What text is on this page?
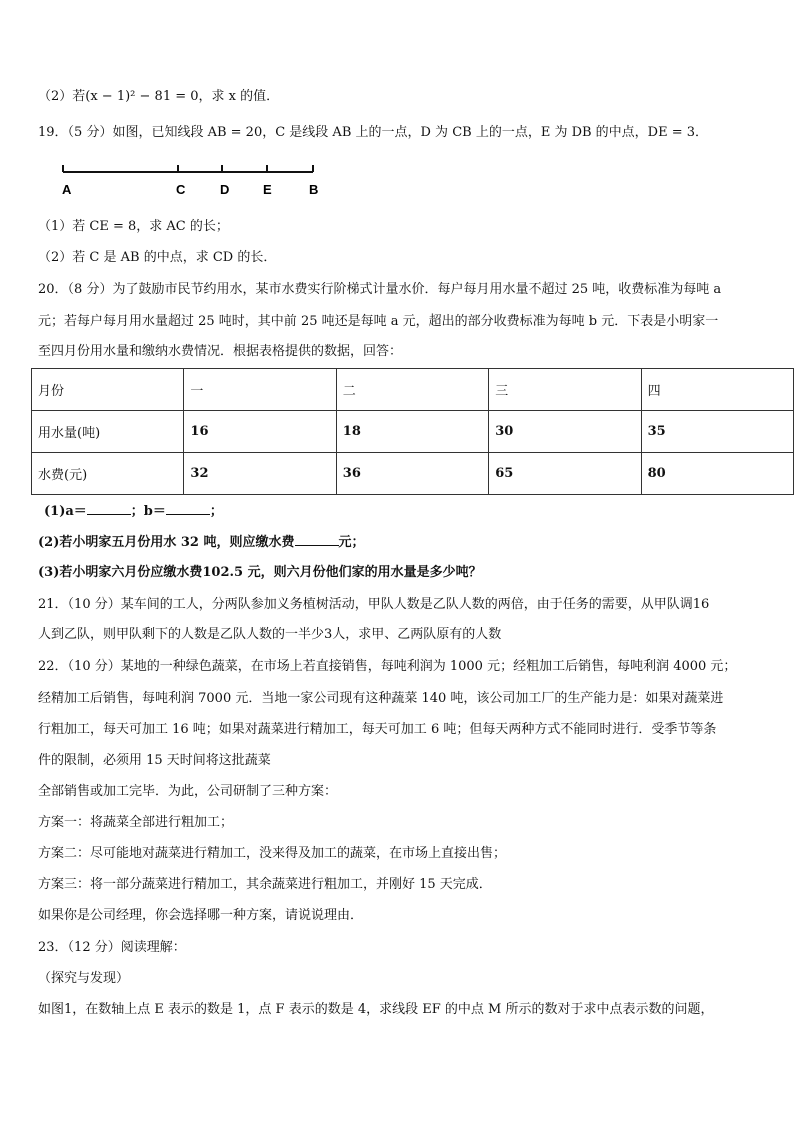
（2）若(x − 1)² − 81 = 0，求 x 的值．
19．（5 分）如图，已知线段 AB = 20，C 是线段 AB 上的一点，D 为 CB 上的一点，E 为 DB 的中点，DE = 3．
A	C	D	E	B
（1）若 CE = 8，求 AC 的长；
（2）若 C 是 AB 的中点，求 CD 的长．
20．（8 分）为了鼓励市民节约用水，某市水费实行阶梯式计量水价．每户每月用水量不超过 25 吨，收费标准为每吨 a
元；若每户每月用水量超过 25 吨时，其中前 25 吨还是每吨 a 元，超出的部分收费标准为每吨 b 元．下表是小明家一
至四月份用水量和缴纳水费情况．根据表格提供的数据，回答：
月份	一	二	三	四
用水量(吨)	16	18	30	35
水费(元)	32	36	65	80
(1)a＝	；b＝	；
(2)若小明家五月份用水 32 吨，则应缴水费	元；
(3)若小明家六月份应缴水费102.5 元，则六月份他们家的用水量是多少吨？
21．（10 分）某车间的工人，分两队参加义务植树活动，甲队人数是乙队人数的两倍，由于任务的需要，从甲队调16
人到乙队，则甲队剩下的人数是乙队人数的一半少3人，求甲、乙两队原有的人数
22．（10 分）某地的一种绿色蔬菜，在市场上若直接销售，每吨利润为 1000 元；经粗加工后销售，每吨利润 4000 元；
经精加工后销售，每吨利润 7000 元．当地一家公司现有这种蔬菜 140 吨，该公司加工厂的生产能力是：如果对蔬菜进
行粗加工，每天可加工 16 吨；如果对蔬菜进行精加工，每天可加工 6 吨；但每天两种方式不能同时进行．受季节等条
件的限制，必须用 15 天时间将这批蔬菜
全部销售或加工完毕．为此，公司研制了三种方案：
方案一：将蔬菜全部进行粗加工；
方案二：尽可能地对蔬菜进行精加工，没来得及加工的蔬菜，在市场上直接出售；
方案三：将一部分蔬菜进行精加工，其余蔬菜进行粗加工，并刚好 15 天完成．
如果你是公司经理，你会选择哪一种方案，请说说理由．
23．（12 分）阅读理解：
（探究与发现）
如图1，在数轴上点 E 表示的数是 1，点 F 表示的数是 4，求线段 EF 的中点 M 所示的数对于求中点表示数的问题，
